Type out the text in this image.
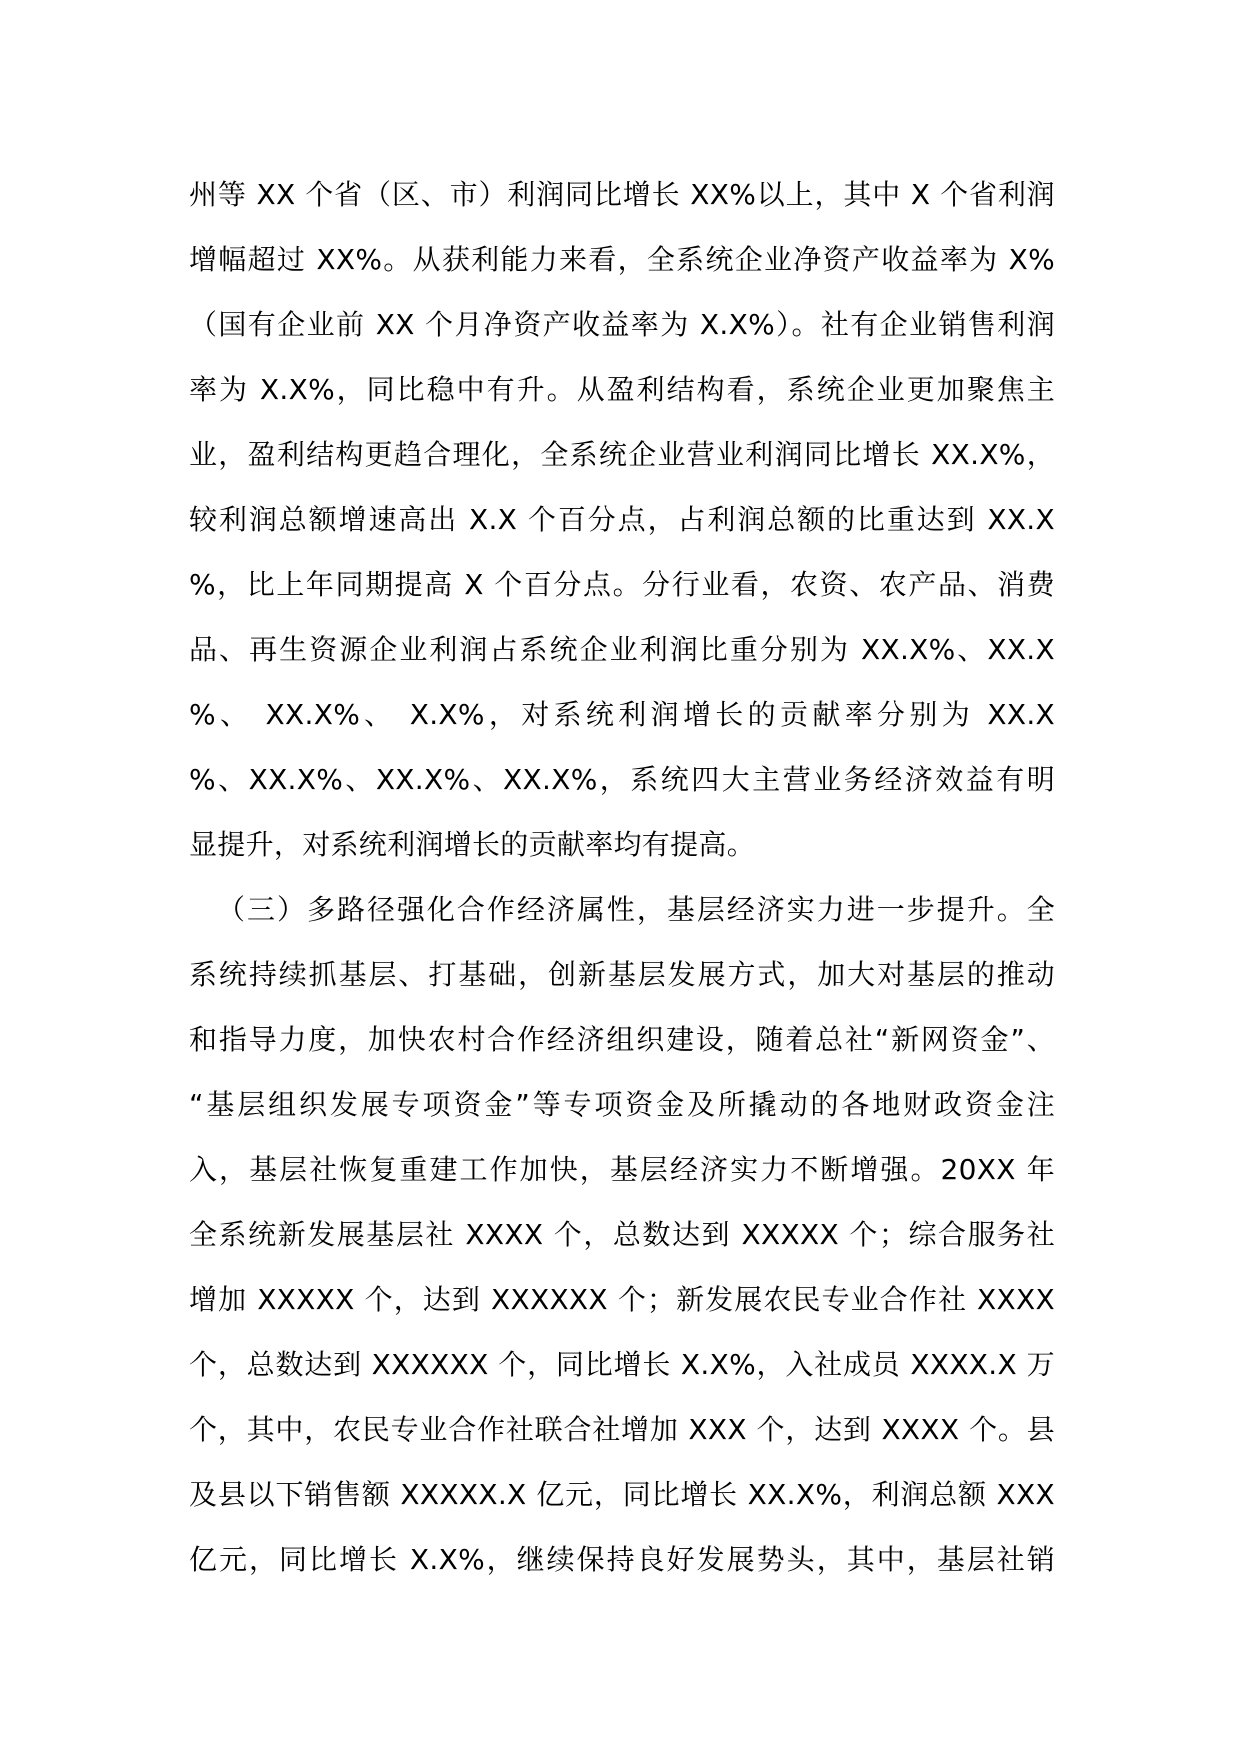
州等 XX 个省（区、市）利润同比增长 XX%以上，其中 X 个省利润
增幅超过 XX%。从获利能力来看，全系统企业净资产收益率为 X%
（国有企业前 XX 个月净资产收益率为 X.X%）。社有企业销售利润
率为 X.X%，同比稳中有升。从盈利结构看，系统企业更加聚焦主
业，盈利结构更趋合理化，全系统企业营业利润同比增长 XX.X%，
较利润总额增速高出 X.X 个百分点，占利润总额的比重达到 XX.X
%，比上年同期提高 X 个百分点。分行业看，农资、农产品、消费
品、再生资源企业利润占系统企业利润比重分别为 XX.X%、XX.X
%、 XX.X%、 X.X%，对系统利润增长的贡献率分别为 XX.X
%、XX.X%、XX.X%、XX.X%，系统四大主营业务经济效益有明
显提升，对系统利润增长的贡献率均有提高。
（三）多路径强化合作经济属性，基层经济实力进一步提升。全
系统持续抓基层、打基础，创新基层发展方式，加大对基层的推动
和指导力度，加快农村合作经济组织建设，随着总社“新网资金”、
“基层组织发展专项资金”等专项资金及所撬动的各地财政资金注
入，基层社恢复重建工作加快，基层经济实力不断增强。20XX 年
全系统新发展基层社 XXXX 个，总数达到 XXXXX 个；综合服务社
增加 XXXXX 个，达到 XXXXXX 个；新发展农民专业合作社 XXXX
个，总数达到 XXXXXX 个，同比增长 X.X%，入社成员 XXXX.X 万
个，其中，农民专业合作社联合社增加 XXX 个，达到 XXXX 个。县
及县以下销售额 XXXXX.X 亿元，同比增长 XX.X%，利润总额 XXX
亿元，同比增长 X.X%，继续保持良好发展势头，其中，基层社销
